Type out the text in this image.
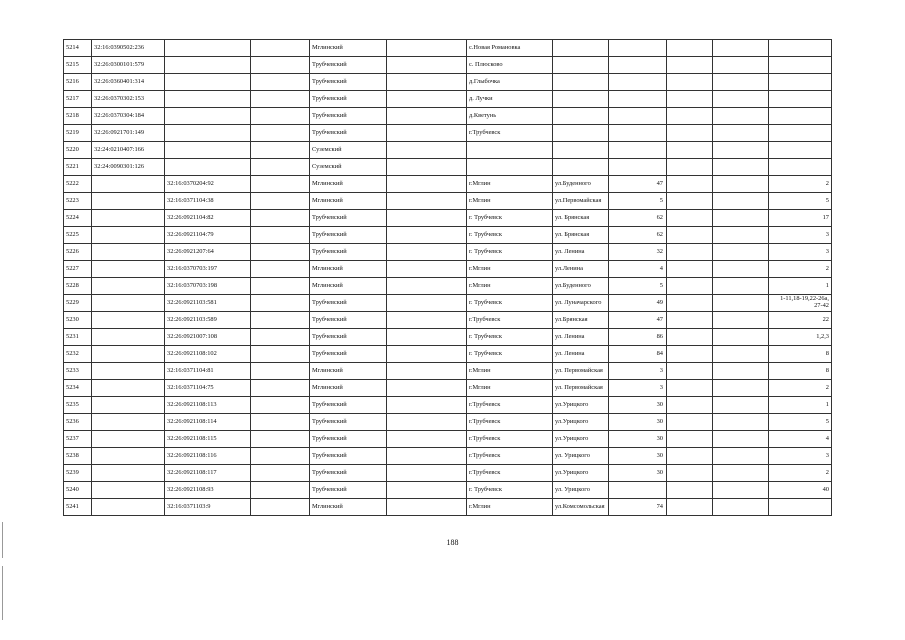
5214	32:16:0390502:236			Мглинский		с.Новая Романовка					
5215	32:26:0300101:579			Трубчевский		с. Плюсково					
5216	32:26:0360401:314			Трубчевский		д.Глыбочка					
5217	32:26:0370302:153			Трубчевский		д. Лучки					
5218	32:26:0370304:184			Трубчевский		д.Кветунь					
5219	32:26:0921701:149			Трубчевский		г.Трубчевск					
5220	32:24:0210407:166			Суземский							
5221	32:24:0090301:126			Суземский							
5222		32:16:0370204:92		Мглинский		г.Мглин	ул.Буденного	47			2
5223		32:16:0371104:38		Мглинский		г.Мглин	ул.Первомайская	5			5
5224		32:26:0921104:82		Трубчевский		г. Трубчевск	ул. Брянская	62			17
5225		32:26:0921104:79		Трубчевский		г. Трубчевск	ул. Брянская	62			3
5226		32:26:0921207:64		Трубчевский		г. Трубчевск	ул. Ленина	32			3
5227		32:16:0370703:197		Мглинский		г.Мглин	ул.Ленина	4			2
5228		32:16:0370703:198		Мглинский		г.Мглин	ул.Буденного	5			1
5229		32:26:0921103:581		Трубчевский		г. Трубчевск	ул. Луначарского	49			1-11,18-19,22-26а, 27-42
5230		32:26:0921103:589		Трубчевский		г.Трубчевск	ул.Брянская	47			22
5231		32:26:0921007:108		Трубчевский		г. Трубчевск	ул. Ленина	86			1,2,3
5232		32:26:0921108:102		Трубчевский		г. Трубчевск	ул. Ленина	84			8
5233		32:16:0371104:81		Мглинский		г.Мглин	ул. Первомайская	3			8
5234		32:16:0371104:75		Мглинский		г.Мглин	ул. Первомайская	3			2
5235		32:26:0921108:113		Трубчевский		г.Трубчевск	ул.Урицкого	30			1
5236		32:26:0921108:114		Трубчевский		г.Трубчевск	ул.Урицкого	30			5
5237		32:26:0921108:115		Трубчевский		г.Трубчевск	ул.Урицкого	30			4
5238		32:26:0921108:116		Трубчевский		г.Трубчевск	ул. Урицкого	30			3
5239		32:26:0921108:117		Трубчевский		г.Трубчевск	ул.Урицкого	30			2
5240		32:26:0921108:93		Трубчевский		г. Трубчевск	ул. Урицкого				40
5241		32:16:0371103:9		Мглинский		г.Мглин	ул.Комсомольская	74			
188
